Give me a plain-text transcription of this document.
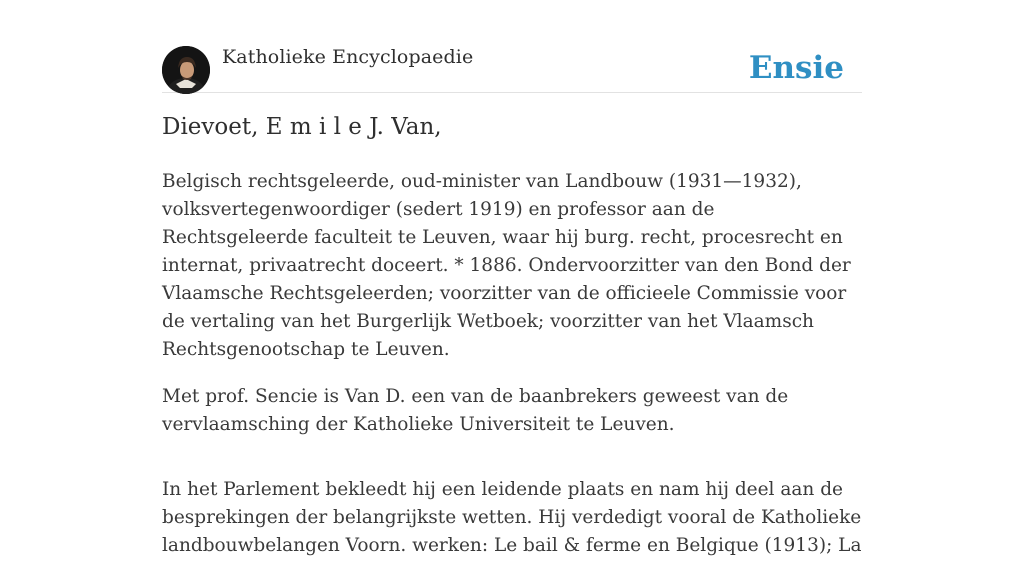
Katholieke Encyclopaedie	Ensie
Dievoet, E m i l e J. Van,

Belgisch rechtsgeleerde, oud-minister van Landbouw (1931—1932), volksvertegenwoordiger (sedert 1919) en professor aan de Rechtsgeleerde faculteit te Leuven, waar hij burg. recht, procesrecht en internat, privaatrecht doceert. * 1886. Ondervoorzitter van den Bond der Vlaamsche Rechtsgeleerden; voorzitter van de officieele Commissie voor de vertaling van het Burgerlijk Wetboek; voorzitter van het Vlaamsch Rechtsgenootschap te Leuven.

Met prof. Sencie is Van D. een van de baanbrekers geweest van de vervlaamsching der Katholieke Universiteit te Leuven.

In het Parlement bekleedt hij een leidende plaats en nam hij deel aan de besprekingen der belangrijkste wetten. Hij verdedigt vooral de Katholieke landbouwbelangen Voorn. werken: Le bail & ferme en Belgique (1913); La
